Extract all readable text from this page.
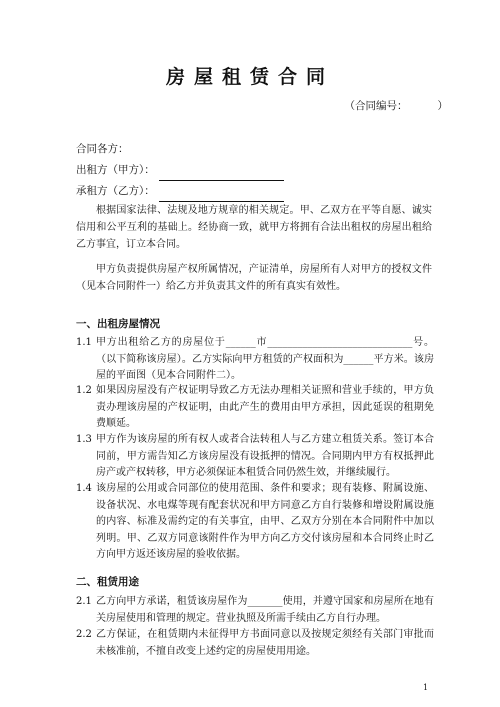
房屋租赁合同
（合同编号：         ）
合同各方：
出租方（甲方）：
承租方（乙方）：

根据国家法律、法规及地方规章的相关规定。甲、乙双方在平等自愿、诚实信用和公平互利的基础上。经协商一致，就甲方将拥有合法出租权的房屋出租给乙方事宜，订立本合同。

甲方负责提供房屋产权所属情况，产证清单，房屋所有人对甲方的授权文件（见本合同附件一）给乙方并负责其文件的所有真实有效性。

一、出租房屋情况
1.1 甲方出租给乙方的房屋位于______市_____________________________号。（以下简称该房屋）。乙方实际向甲方租赁的产权面积为______平方米。该房屋的平面图（见本合同附件二）。
1.2 如果因房屋没有产权证明导致乙方无法办理相关证照和营业手续的，甲方负责办理该房屋的产权证明，由此产生的费用由甲方承担，因此延误的租期免费顺延。
1.3 甲方作为该房屋的所有权人或者合法转租人与乙方建立租赁关系。签订本合同前，甲方需告知乙方该房屋没有设抵押的情况。合同期内甲方有权抵押此房产或产权转移，甲方必须保证本租赁合同仍然生效，并继续履行。
1.4 该房屋的公用或合同部位的使用范围、条件和要求；现有装修、附属设施、设备状况、水电煤等现有配套状况和甲方同意乙方自行装修和增设附属设施的内容、标准及需约定的有关事宜，由甲、乙双方分别在本合同附件中加以列明。甲、乙双方同意该附件作为甲方向乙方交付该房屋和本合同终止时乙方向甲方返还该房屋的验收依据。
二、租赁用途
2.1 乙方向甲方承诺，租赁该房屋作为_______使用，并遵守国家和房屋所在地有关房屋使用和管理的规定。营业执照及所需手续由乙方自行办理。
2.2 乙方保证，在租赁期内未征得甲方书面同意以及按规定须经有关部门审批而未核准前，不擅自改变上述约定的房屋使用用途。
1
